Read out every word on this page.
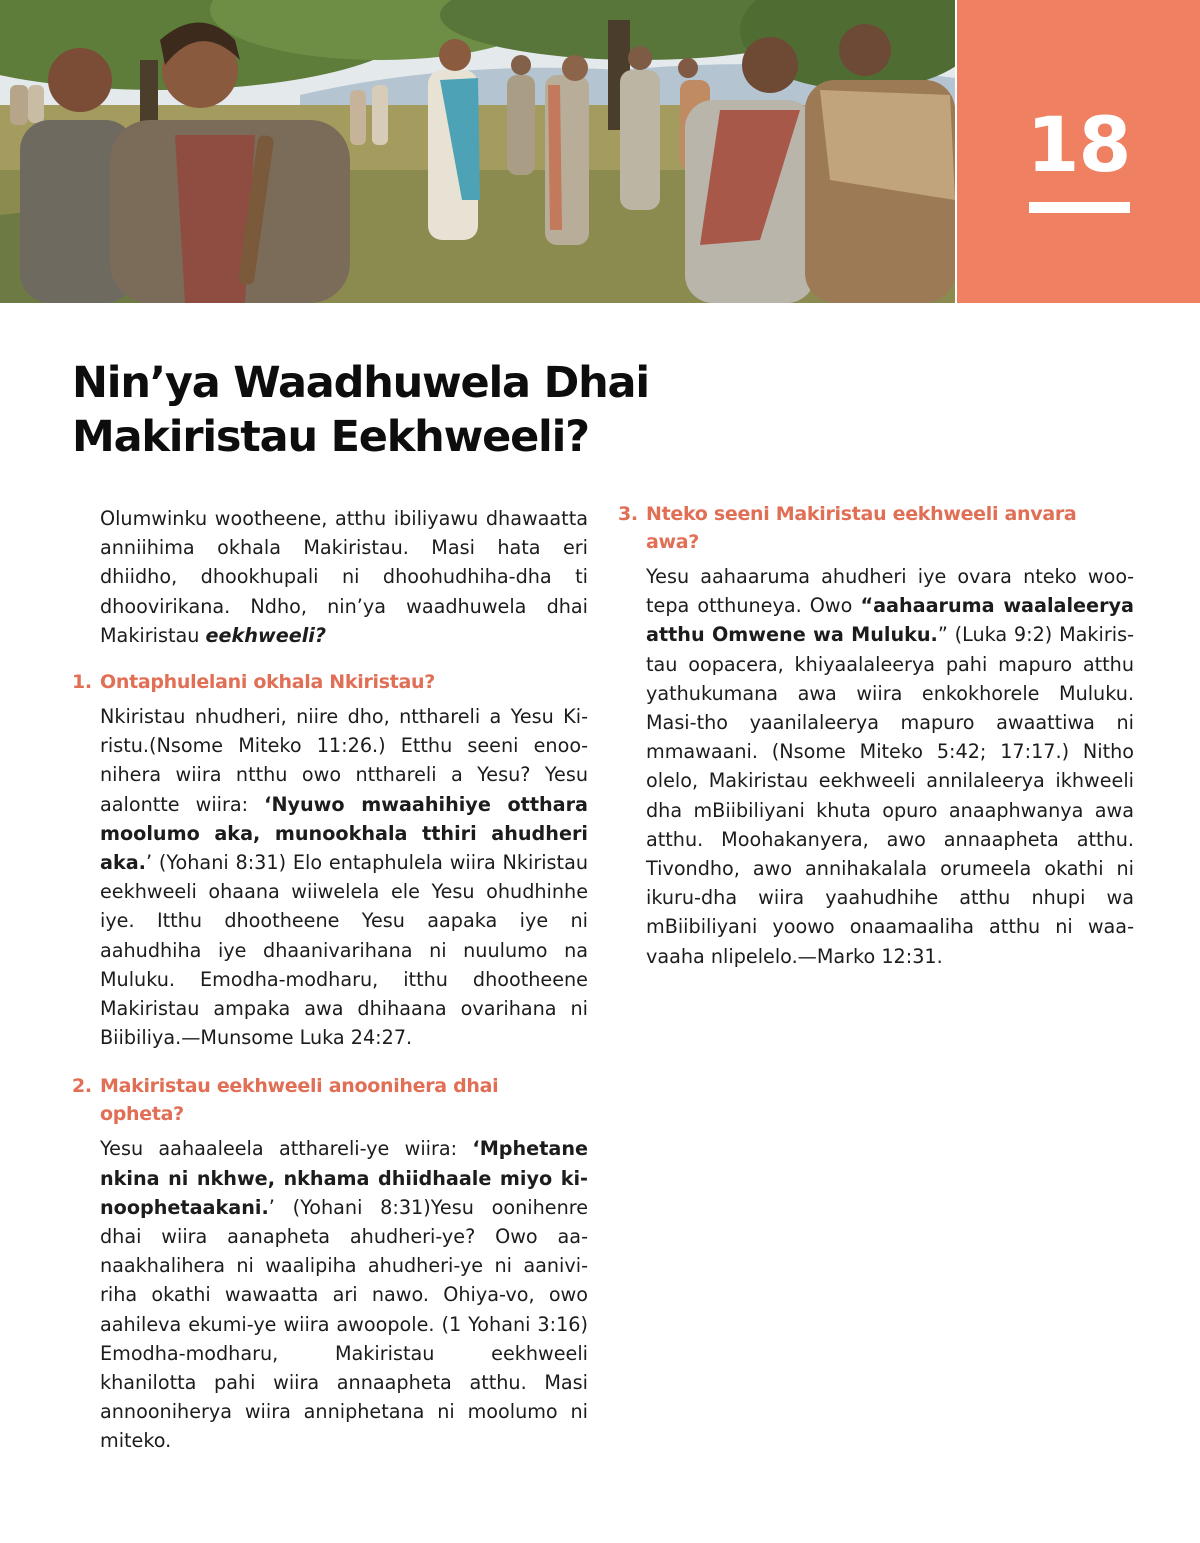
18
Nin’ya Waadhuwela Dhai
Makiristau Eekhweeli?

Olumwinku wootheene, atthu ibiliyawu dhawaatta anniihima okhala Makiristau. Masi hata eri dhiidho, dhookhupali ni dhoohudhiha-dha ti dhoovirikana. Ndho, nin’ya waadhuwela dhai Makiristau eekhweeli?

1. Ontaphulelani okhala Nkiristau?

Nkiristau nhudheri, niire dho, ntthareli a Yesu Kiristu.(Nsome Miteko 11:26.) Etthu seeni enoonihera wiira ntthu owo ntthareli a Yesu? Yesu aalontte wiira: ‘Nyuwo mwaahihiye otthara moolumo aka, munookhala tthiri ahudheri aka.’ (Yohani 8:31) Elo entaphulela wiira Nkiristau eekhweeli ohaana wiiwelela ele Yesu ohudhinhe iye. Itthu dhootheene Yesu aapaka iye ni aahudhiha iye dhaanivarihana ni nuulumo na Muluku. Emodha-modharu, itthu dhootheene Makiristau ampaka awa dhihaana ovarihana ni Biibiliya.—Munsome Luka 24:27.

2. Makiristau eekhweeli anoonihera dhai opheta?

Yesu aahaaleela atthareli-ye wiira: ‘Mphetane nkina ni nkhwe, nkhama dhiidhaale miyo kinoophetaakani.’ (Yohani 8:31)Yesu oonihenre dhai wiira aanapheta ahudheri-ye? Owo aanaakhalihera ni waalipiha ahudheri-ye ni aaniviriha okathi wawaatta ari nawo. Ohiya-vo, owo aahileva ekumi-ye wiira awoopole. (1 Yohani 3:16) Emodha-modharu, Makiristau eekhweeli khanilotta pahi wiira annaapheta atthu. Masi annooniherya wiira anniphetana ni moolumo ni miteko.

3. Nteko seeni Makiristau eekhweeli anvara awa?

Yesu aahaaruma ahudheri iye ovara nteko wootepa otthuneya. Owo “aahaaruma waalaleerya atthu Omwene wa Muluku.” (Luka 9:2) Makiristau oopacera, khiyaalaleerya pahi mapuro atthu yathukumana awa wiira enkokhorele Muluku. Masi-tho yaanilaleerya mapuro awaattiwa ni mmawaani. (Nsome Miteko 5:42; 17:17.) Nitho olelo, Makiristau eekhweeli annilaleerya ikhweeli dha mBiibiliyani khuta opuro anaaphwanya awa atthu. Moohakanyera, awo annaapheta atthu. Tivondho, awo annihakalala orumeela okathi ni ikuru-dha wiira yaahudhihe atthu nhupi wa mBiibiliyani yoowo onaamaaliha atthu ni waavaaha nlipelelo.—Marko 12:31.
